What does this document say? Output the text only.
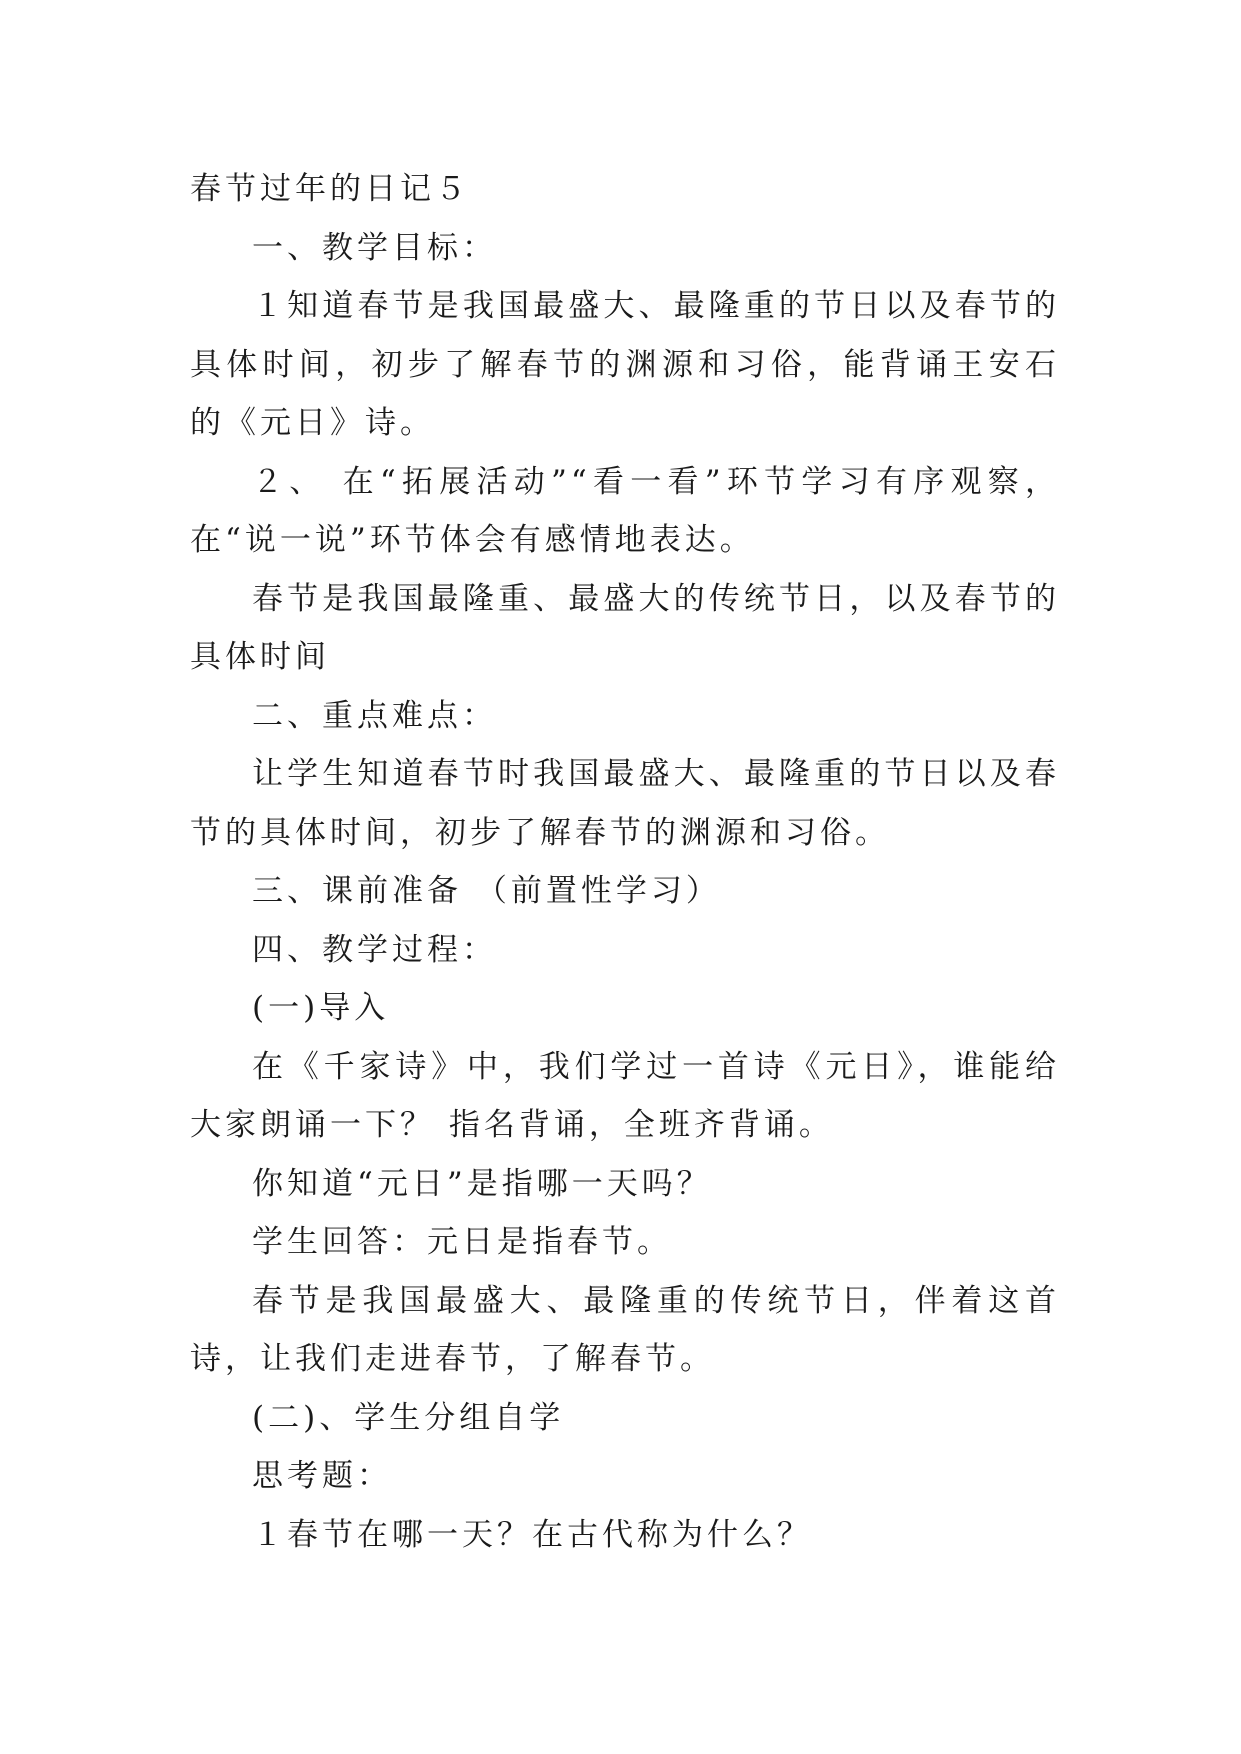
春节过年的日记５

一、教学目标：

１知道春节是我国最盛大、最隆重的节日以及春节的具体时间，初步了解春节的渊源和习俗，能背诵王安石的《元日》诗。

２、 在“拓展活动”“看一看”环节学习有序观察，在“说一说”环节体会有感情地表达。

春节是我国最隆重、最盛大的传统节日，以及春节的具体时间

二、重点难点：

让学生知道春节时我国最盛大、最隆重的节日以及春节的具体时间，初步了解春节的渊源和习俗。

三、课前准备 （前置性学习）

四、教学过程：

(一)导入

在《千家诗》中，我们学过一首诗《元日》，谁能给大家朗诵一下？ 指名背诵，全班齐背诵。

你知道“元日”是指哪一天吗？

学生回答：元日是指春节。

春节是我国最盛大、最隆重的传统节日，伴着这首诗，让我们走进春节，了解春节。

(二)、学生分组自学

思考题：

１春节在哪一天？在古代称为什么？
